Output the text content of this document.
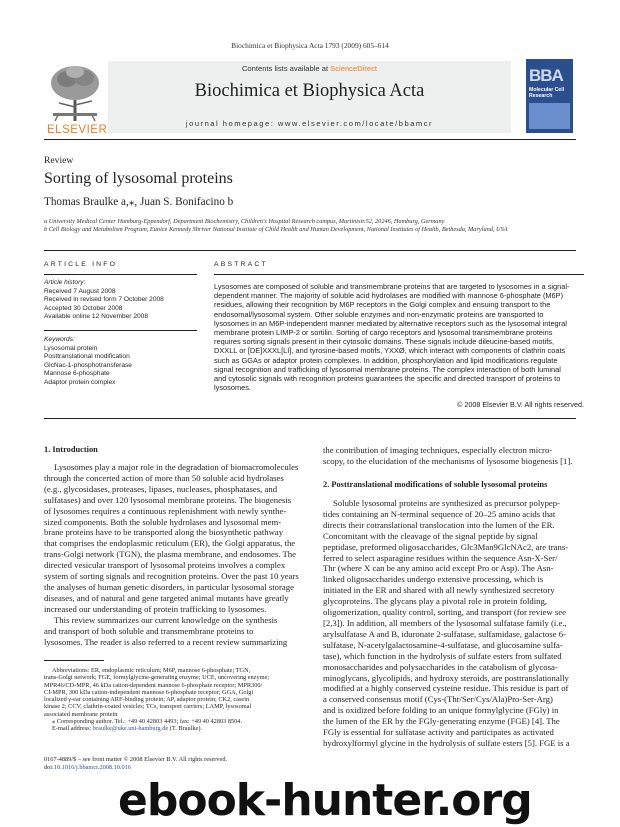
Biochimica et Biophysica Acta 1793 (2009) 605–614
ELSEVIER
Contents lists available at ScienceDirect
Biochimica et Biophysica Acta
journal homepage: www.elsevier.com/locate/bbamcr
BBA
Molecular Cell Research
Review
Sorting of lysosomal proteins
Thomas Braulke a,⁎, Juan S. Bonifacino b
a University Medical Center Hamburg-Eppendorf, Department Biochemistry, Children's Hospital Research campus, Martinistr.52, 20246, Hamburg, Germany
b Cell Biology and Metabolism Program, Eunice Kennedy Shriver National Institute of Child Health and Human Development, National Institutes of Health, Bethesda, Maryland, USA
ARTICLE INFO
Article history:
Received 7 August 2008
Received in revised form 7 October 2008
Accepted 30 October 2008
Available online 12 November 2008
Keywords:
Lysosomal protein
Posttranslational modification
GlcNac-1-phosphotransferase
Mannose 6-phosphate
Adaptor protein complex
ABSTRACT
Lysosomes are composed of soluble and transmembrane proteins that are targeted to lysosomes in a signal-
dependent manner. The majority of soluble acid hydrolases are modified with mannose 6-phosphate (M6P)
residues, allowing their recognition by M6P receptors in the Golgi complex and ensuing transport to the
endosomal/lysosomal system. Other soluble enzymes and non-enzymatic proteins are transported to
lysosomes in an M6P-independent manner mediated by alternative receptors such as the lysosomal integral
membrane protein LIMP-2 or sortilin. Sorting of cargo receptors and lysosomal transmembrane proteins
requires sorting signals present in their cytosolic domains. These signals include dileucine-based motifs,
DXXLL or [DE]XXXL[LI], and tyrosine-based motifs, YXXØ, which interact with components of clathrin coats
such as GGAs or adaptor protein complexes. In addition, phosphorylation and lipid modifications regulate
signal recognition and trafficking of lysosomal membrane proteins. The complex interaction of both luminal
and cytosolic signals with recognition proteins guarantees the specific and directed transport of proteins to
lysosomes.
© 2008 Elsevier B.V. All rights reserved.
1. Introduction
Lysosomes play a major role in the degradation of biomacromolecules
through the concerted action of more than 50 soluble acid hydrolases
(e.g., glycosidases, proteases, lipases, nucleases, phosphatases, and
sulfatases) and over 120 lysosomal membrane proteins. The biogenesis
of lysosomes requires a continuous replenishment with newly synthe-
sized components. Both the soluble hydrolases and lysosomal mem-
brane proteins have to be transported along the biosynthetic pathway
that comprises the endoplasmic reticulum (ER), the Golgi apparatus, the
trans-Golgi network (TGN), the plasma membrane, and endosomes. The
directed vesicular transport of lysosomal proteins involves a complex
system of sorting signals and recognition proteins. Over the past 10 years
the analyses of human genetic disorders, in particular lysosomal storage
diseases, and of natural and gene targeted animal mutants have greatly
increased our understanding of protein trafficking to lysosomes.
This review summarizes our current knowledge on the synthesis
and transport of both soluble and transmembrane proteins to
lysosomes. The reader is also referred to a recent review summarizing
Abbreviations: ER, endoplasmic reticulum; M6P, mannose 6-phosphate; TGN,
trans-Golgi network; FGE, formylglycine-generating enzyme; UCE, uncovering enzyme;
MPR46/CD-MPR, 46 kDa cation-dependent mannose 6-phosphate receptor; MPR300/
CI-MPR, 300 kDa cation-independent mannose 6-phosphate receptor; GGA, Golgi
localized γ-ear containing ARF-binding protein; AP, adaptor protein; CK2, casein
kinase 2; CCV, clathrin-coated vesicles; TCs, transport carriers; LAMP, lysosomal
associated membrane protein
⁎ Corresponding author. Tel.: +49 40 42803 4493; fax: +49 40 42803 8504.
E-mail address: braulke@uke.uni-hamburg.de (T. Braulke).
0167-4889/$ – see front matter © 2008 Elsevier B.V. All rights reserved.
doi:10.1016/j.bbamcr.2008.10.016
the contribution of imaging techniques, especially electron micro-
scopy, to the elucidation of the mechanisms of lysosome biogenesis [1].
2. Posttranslational modifications of soluble lysosomal proteins
Soluble lysosomal proteins are synthesized as precursor polypep-
tides containing an N-terminal sequence of 20–25 amino acids that
directs their cotranslational translocation into the lumen of the ER.
Concomitant with the cleavage of the signal peptide by signal
peptidase, preformed oligosaccharides, Glc3Man9GlcNAc2, are trans-
ferred to select asparagine residues within the sequence Asn-X-Ser/
Thr (where X can be any amino acid except Pro or Asp). The Asn-
linked oligosaccharides undergo extensive processing, which is
initiated in the ER and shared with all newly synthesized secretory
glycoproteins. The glycans play a pivotal role in protein folding,
oligomerization, quality control, sorting, and transport (for review see
[2,3]). In addition, all members of the lysosomal sulfatase family (i.e.,
arylsulfatase A and B, iduronate 2-sulfatase, sulfamidase, galactose 6-
sulfatase, N-acetylgalactosamine-4-sulfatase, and glucosamine sulfa-
tase), which function in the hydrolysis of sulfate esters from sulfated
monosaccharides and polysaccharides in the catabolism of glycosa-
minoglycans, glycolipids, and hydroxy steroids, are posttranslationally
modified at a highly conserved cysteine residue. This residue is part of
a conserved consensus motif (Cys-(Thr/Ser/Cys/Ala)Pro-Ser-Arg)
and is oxidized before folding to an unique formylglycine (FGly) in
the lumen of the ER by the FGly-generating enzyme (FGE) [4]. The
FGly is essential for sulfatase activity and participates as activated
hydroxylformyl glycine in the hydrolysis of sulfate esters [5]. FGE is a
ebook-hunter.org
